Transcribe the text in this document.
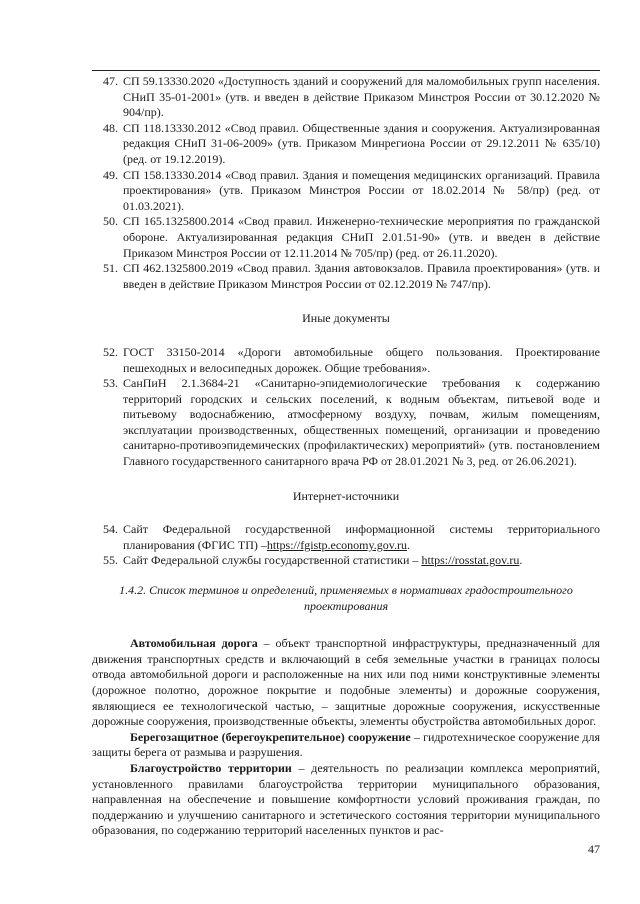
47. СП 59.13330.2020 «Доступность зданий и сооружений для маломобильных групп населения. СНиП 35-01-2001» (утв. и введен в действие Приказом Минстроя России от 30.12.2020 № 904/пр).
48. СП 118.13330.2012 «Свод правил. Общественные здания и сооружения. Актуализированная редакция СНиП 31-06-2009» (утв. Приказом Минрегиона России от 29.12.2011 № 635/10) (ред. от 19.12.2019).
49. СП 158.13330.2014 «Свод правил. Здания и помещения медицинских организаций. Правила проектирования» (утв. Приказом Минстроя России от 18.02.2014 № 58/пр) (ред. от 01.03.2021).
50. СП 165.1325800.2014 «Свод правил. Инженерно-технические мероприятия по гражданской обороне. Актуализированная редакция СНиП 2.01.51-90» (утв. и введен в действие Приказом Минстроя России от 12.11.2014 № 705/пр) (ред. от 26.11.2020).
51. СП 462.1325800.2019 «Свод правил. Здания автовокзалов. Правила проектирования» (утв. и введен в действие Приказом Минстроя России от 02.12.2019 № 747/пр).
Иные документы
52. ГОСТ 33150-2014 «Дороги автомобильные общего пользования. Проектирование пешеходных и велосипедных дорожек. Общие требования».
53. СанПиН 2.1.3684-21 «Санитарно-эпидемиологические требования к содержанию территорий городских и сельских поселений, к водным объектам, питьевой воде и питьевому водоснабжению, атмосферному воздуху, почвам, жилым помещениям, эксплуатации производственных, общественных помещений, организации и проведению санитарно-противоэпидемических (профилактических) мероприятий» (утв. постановлением Главного государственного санитарного врача РФ от 28.01.2021 № 3, ред. от 26.06.2021).
Интернет-источники
54. Сайт Федеральной государственной информационной системы территориального планирования (ФГИС ТП) –https://fgistp.economy.gov.ru.
55. Сайт Федеральной службы государственной статистики – https://rosstat.gov.ru.
1.4.2. Список терминов и определений, применяемых в нормативах градостроительного проектирования
Автомобильная дорога – объект транспортной инфраструктуры, предназначенный для движения транспортных средств и включающий в себя земельные участки в границах полосы отвода автомобильной дороги и расположенные на них или под ними конструктивные элементы (дорожное полотно, дорожное покрытие и подобные элементы) и дорожные сооружения, являющиеся ее технологической частью, – защитные дорожные сооружения, искусственные дорожные сооружения, производственные объекты, элементы обустройства автомобильных дорог.
Берегозащитное (берегоукрепительное) сооружение – гидротехническое сооружение для защиты берега от размыва и разрушения.
Благоустройство территории – деятельность по реализации комплекса мероприятий, установленного правилами благоустройства территории муниципального образования, направленная на обеспечение и повышение комфортности условий проживания граждан, по поддержанию и улучшению санитарного и эстетического состояния территории муниципального образования, по содержанию территорий населенных пунктов и рас-
47
